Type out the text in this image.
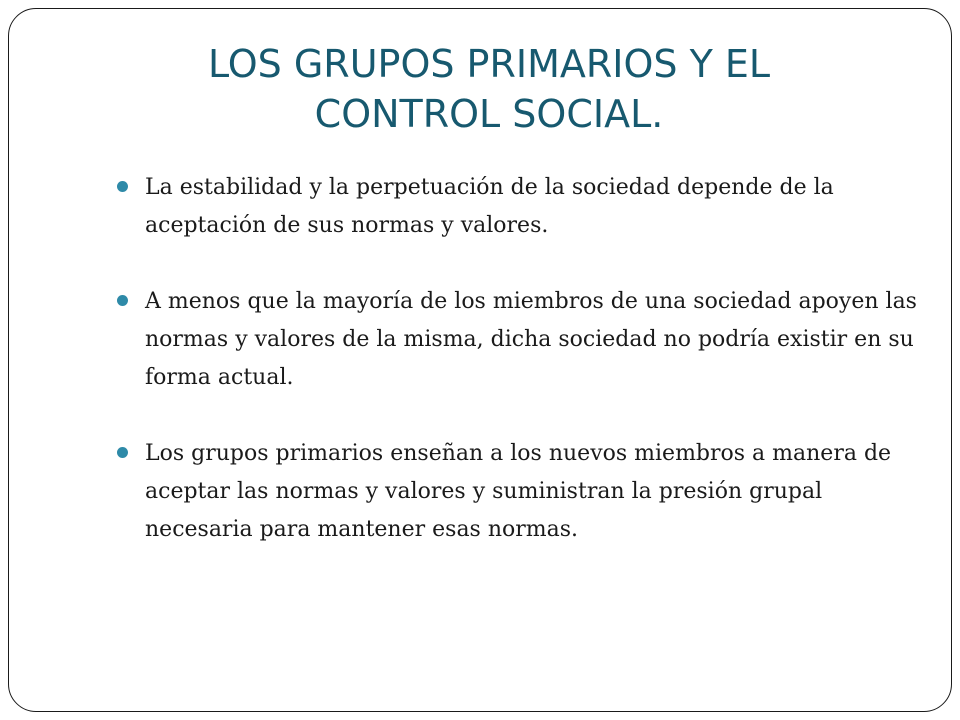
LOS GRUPOS PRIMARIOS Y EL CONTROL SOCIAL.
La estabilidad y la perpetuación de la sociedad depende de la aceptación de sus normas y valores.
A menos que la mayoría de los miembros de una sociedad apoyen las normas y valores de la misma, dicha sociedad no podría existir en su forma actual.
Los grupos primarios enseñan a los nuevos miembros a manera de aceptar las normas y valores y suministran la presión grupal necesaria para mantener esas normas.
